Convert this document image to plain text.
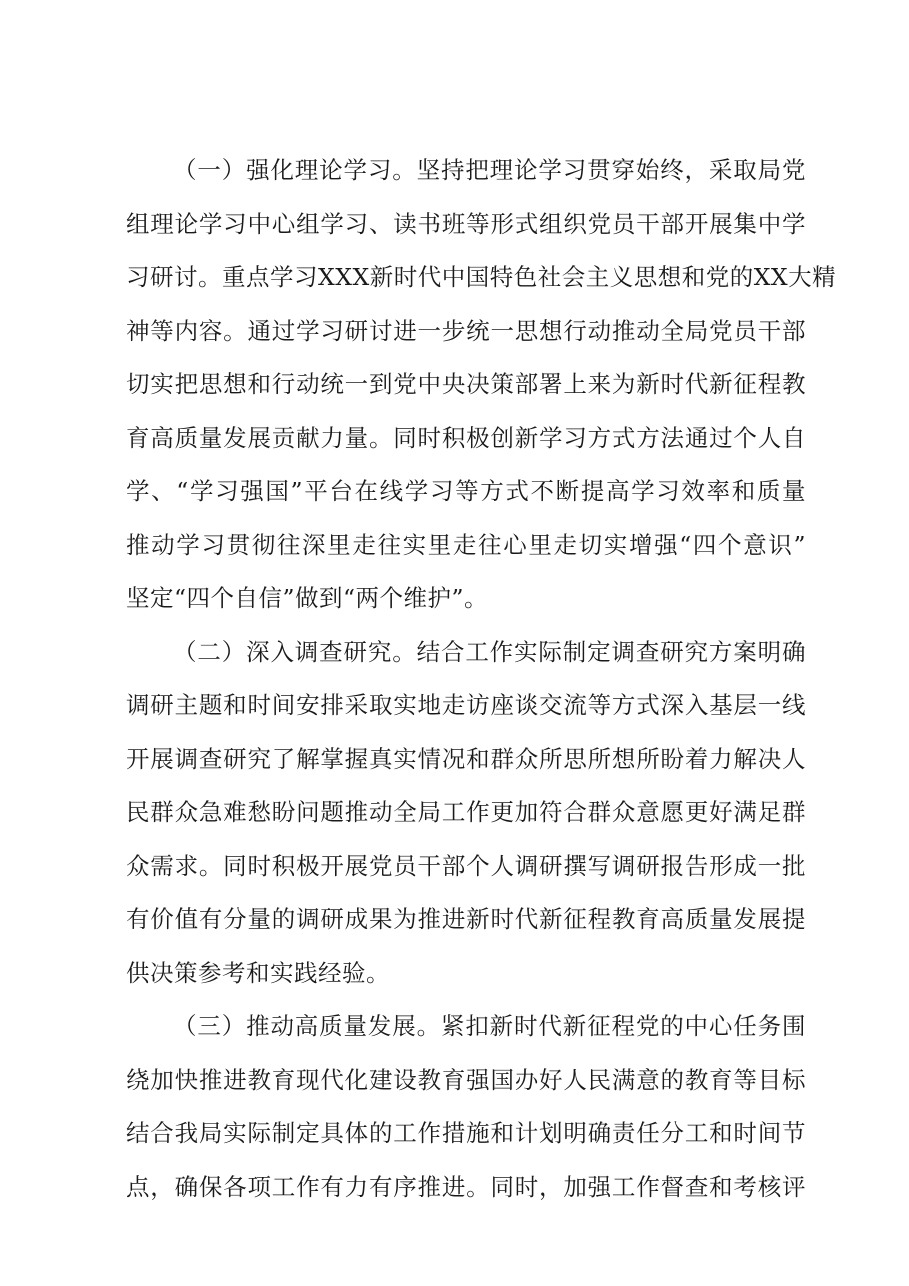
（一）强化理论学习。坚持把理论学习贯穿始终，采取局党
组理论学习中心组学习、读书班等形式组织党员干部开展集中学
习研讨。重点学习XXX新时代中国特色社会主义思想和党的XX大精
神等内容。通过学习研讨进一步统一思想行动推动全局党员干部
切实把思想和行动统一到党中央决策部署上来为新时代新征程教
育高质量发展贡献力量。同时积极创新学习方式方法通过个人自
学、“学习强国”平台在线学习等方式不断提高学习效率和质量
推动学习贯彻往深里走往实里走往心里走切实增强“四个意识”
坚定“四个自信”做到“两个维护”。
（二）深入调查研究。结合工作实际制定调查研究方案明确
调研主题和时间安排采取实地走访座谈交流等方式深入基层一线
开展调查研究了解掌握真实情况和群众所思所想所盼着力解决人
民群众急难愁盼问题推动全局工作更加符合群众意愿更好满足群
众需求。同时积极开展党员干部个人调研撰写调研报告形成一批
有价值有分量的调研成果为推进新时代新征程教育高质量发展提
供决策参考和实践经验。
（三）推动高质量发展。紧扣新时代新征程党的中心任务围
绕加快推进教育现代化建设教育强国办好人民满意的教育等目标
结合我局实际制定具体的工作措施和计划明确责任分工和时间节
点，确保各项工作有力有序推进。同时，加强工作督查和考核评
